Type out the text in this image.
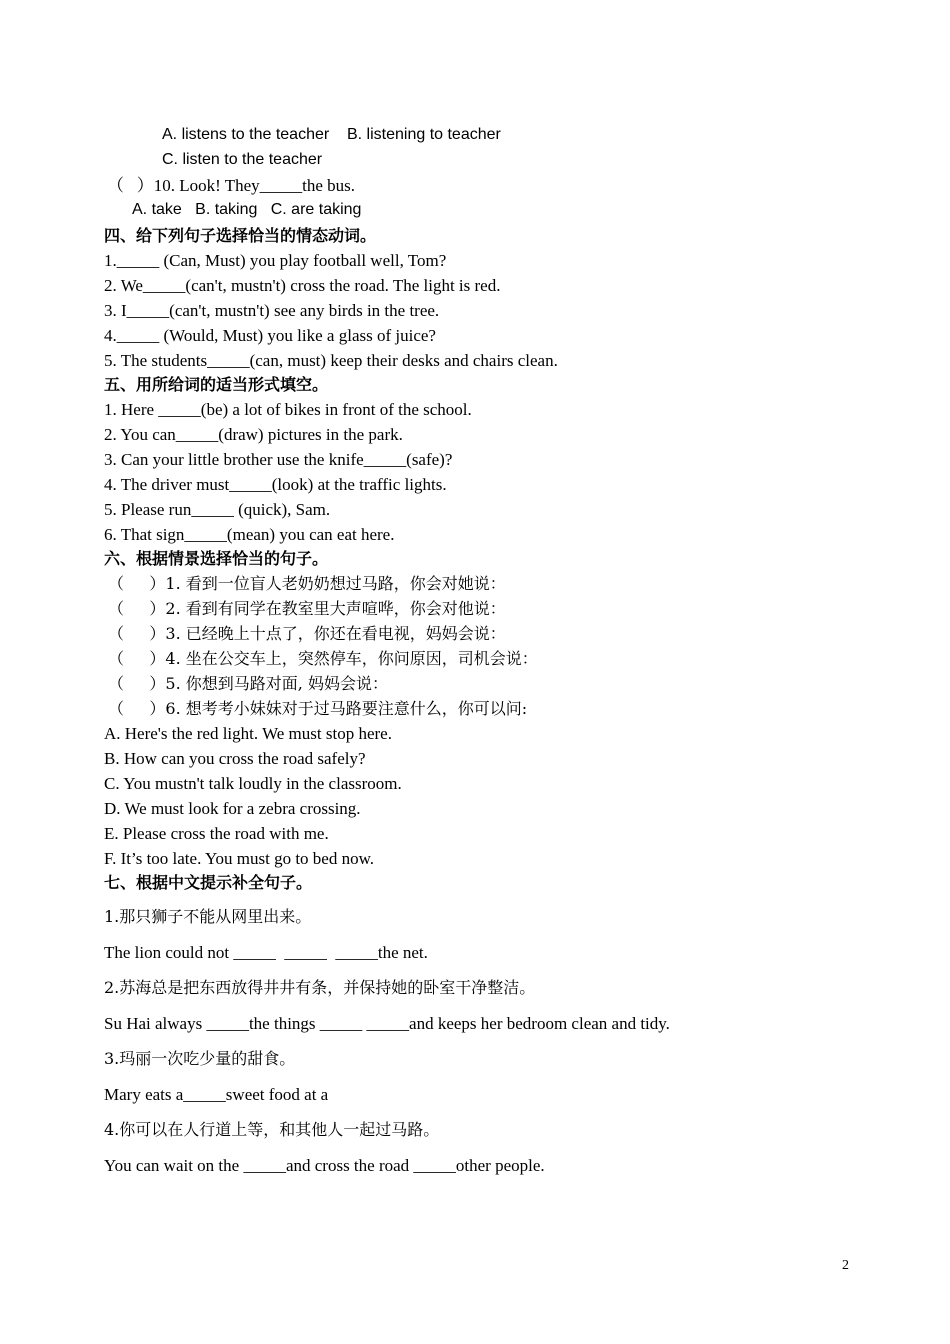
A. listens to the teacher    B. listening to teacher
C. listen to the teacher
（   ）10. Look! They_____the bus.
A. take   B. taking   C. are taking
四、给下列句子选择恰当的情态动词。
1._____ (Can, Must) you play football well, Tom?
2. We_____(can't, mustn't) cross the road. The light is red.
3. I_____(can't, mustn't) see any birds in the tree.
4._____ (Would, Must) you like a glass of juice?
5. The students_____(can, must) keep their desks and chairs clean.
五、用所给词的适当形式填空。
1. Here _____(be) a lot of bikes in front of the school.
2. You can_____(draw) pictures in the park.
3. Can your little brother use the knife_____(safe)?
4. The driver must_____(look) at the traffic lights.
5. Please run_____ (quick), Sam.
6. That sign_____(mean) you can eat here.
六、根据情景选择恰当的句子。
（     ）1. 看到一位盲人老奶奶想过马路，你会对她说：
（     ）2. 看到有同学在教室里大声喧哗，你会对他说：
（     ）3. 已经晚上十点了，你还在看电视，妈妈会说：
（     ）4. 坐在公交车上，突然停车，你问原因，司机会说：
（     ）5. 你想到马路对面, 妈妈会说：
（     ）6. 想考考小妹妹对于过马路要注意什么，你可以问:
A. Here's the red light. We must stop here.
B. How can you cross the road safely?
C. You mustn't talk loudly in the classroom.
D. We must look for a zebra crossing.
E. Please cross the road with me.
F. It’s too late. You must go to bed now.
七、根据中文提示补全句子。
1.那只狮子不能从网里出来。
The lion could not _____  _____  _____the net.
2.苏海总是把东西放得井井有条，并保持她的卧室干净整洁。
Su Hai always _____the things _____ _____and keeps her bedroom clean and tidy.
3.玛丽一次吃少量的甜食。
Mary eats a_____sweet food at a
4.你可以在人行道上等，和其他人一起过马路。
You can wait on the _____and cross the road _____other people.
2
